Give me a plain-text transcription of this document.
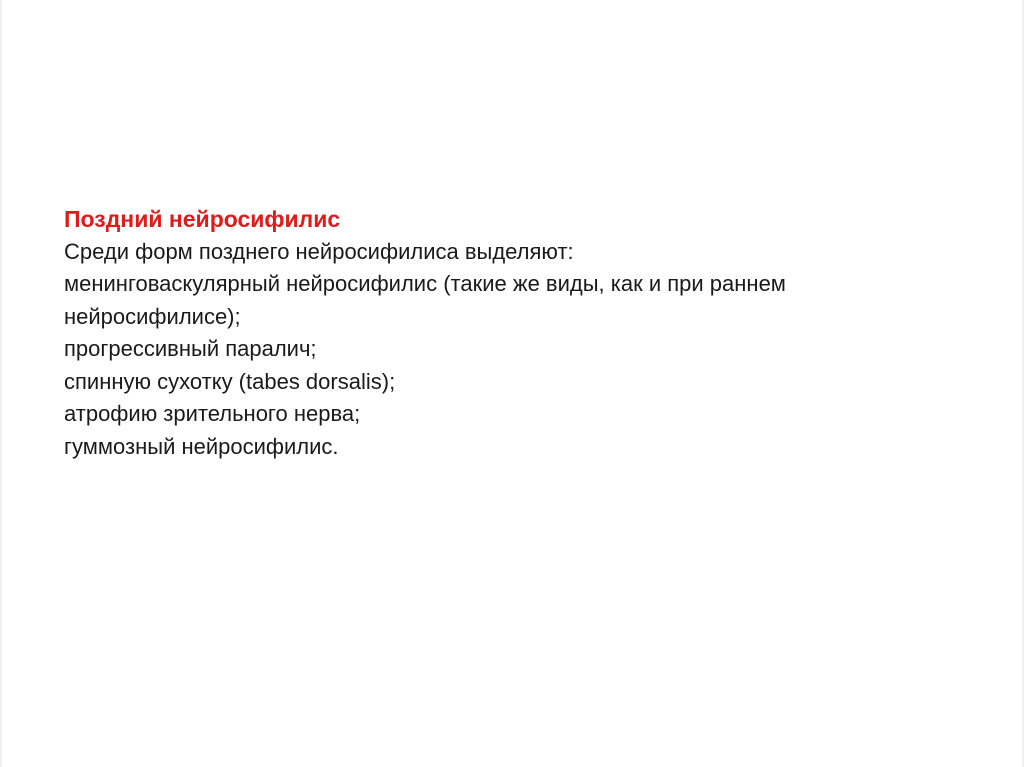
Поздний нейросифилис
Среди форм позднего нейросифилиса выделяют:
менинговаскулярный нейросифилис (такие же виды, как и при раннем
нейросифилисе);
прогрессивный паралич;
спинную сухотку (tabes dorsalis);
атрофию зрительного нерва;
гуммозный нейросифилис.
